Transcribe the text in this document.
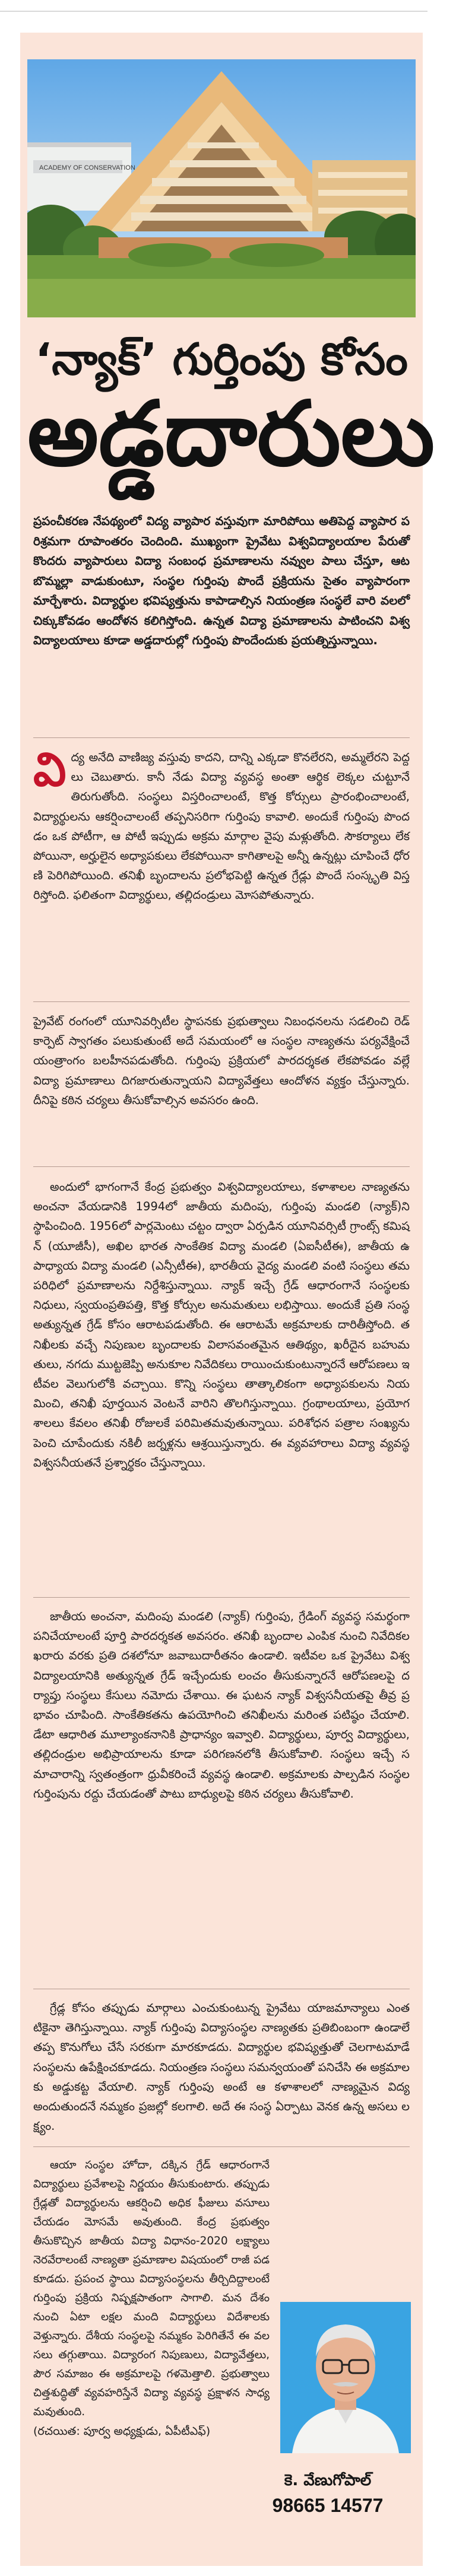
ACADEMY OF CONSERVATION
‘న్యాక్’ గుర్తింపు కోసం
అడ్డదారులు

ప్రపంచీకరణ నేపథ్యంలో విద్య వ్యాపార వస్తువుగా మారిపోయి అతిపెద్ద వ్యాపార పరిశ్రమగా రూపాంతరం చెందింది. ముఖ్యంగా ప్రైవేటు విశ్వవిద్యాలయాల పేరుతో కొందరు వ్యాపారులు విద్యా సంబంధ ప్రమాణాలను నవ్వుల పాలు చేస్తూ, ఆటబొమ్మల్లా వాడుకుంటూ, సంస్థల గుర్తింపు పొందే ప్రక్రియను సైతం వ్యాపారంగా మార్చేశారు. విద్యార్థుల భవిష్యత్తును కాపాడాల్సిన నియంత్రణ సంస్థలే వారి వలలో చిక్కుకోవడం ఆందోళన కలిగిస్తోంది. ఉన్నత విద్యా ప్రమాణాలను పాటించని విశ్వవిద్యాలయాలు కూడా అడ్డదారుల్లో గుర్తింపు పొందేందుకు ప్రయత్నిస్తున్నాయి.

వి ద్య అనేది వాణిజ్య వస్తువు కాదని, దాన్ని ఎక్కడా కొనలేరని, అమ్మలేరని పెద్దలు చెబుతారు. కానీ నేడు విద్యా వ్యవస్థ అంతా ఆర్థిక లెక్కల చుట్టూనే తిరుగుతోంది. సంస్థలు విస్తరించాలంటే, కొత్త కోర్సులు ప్రారంభించాలంటే, విద్యార్థులను ఆకర్షించాలంటే తప్పనిసరిగా గుర్తింపు కావాలి. అందుకే గుర్తింపు పొందడం ఒక పోటీగా, ఆ పోటీ ఇప్పుడు అక్రమ మార్గాల వైపు మళ్లుతోంది. సౌకర్యాలు లేకపోయినా, అర్హులైన అధ్యాపకులు లేకపోయినా కాగితాలపై అన్నీ ఉన్నట్లు చూపించే ధోరణి పెరిగిపోయింది. తనిఖీ బృందాలను ప్రలోభపెట్టి ఉన్నత గ్రేడ్లు పొందే సంస్కృతి విస్తరిస్తోంది. ఫలితంగా విద్యార్థులు, తల్లిదండ్రులు మోసపోతున్నారు.

ప్రైవేట్ రంగంలో యూనివర్సిటీల స్థాపనకు ప్రభుత్వాలు నిబంధనలను సడలించి రెడ్ కార్పెట్ స్వాగతం పలుకుతుంటే అదే సమయంలో ఆ సంస్థల నాణ్యతను పర్యవేక్షించే యంత్రాంగం బలహీనపడుతోంది. గుర్తింపు ప్రక్రియలో పారదర్శకత లేకపోవడం వల్లే విద్యా ప్రమాణాలు దిగజారుతున్నాయని విద్యావేత్తలు ఆందోళన వ్యక్తం చేస్తున్నారు. దీనిపై కఠిన చర్యలు తీసుకోవాల్సిన అవసరం ఉంది.

అందులో భాగంగానే కేంద్ర ప్రభుత్వం విశ్వవిద్యాలయాలు, కళాశాలల నాణ్యతను అంచనా వేయడానికి 1994లో జాతీయ మదింపు, గుర్తింపు మండలి (న్యాక్)ని స్థాపించింది. 1956లో పార్లమెంటు చట్టం ద్వారా ఏర్పడిన యూనివర్సిటీ గ్రాంట్స్ కమిషన్ (యూజీసీ), అఖిల భారత సాంకేతిక విద్యా మండలి (ఏఐసీటీఈ), జాతీయ ఉపాధ్యాయ విద్యా మండలి (ఎన్సీటీఈ), భారతీయ వైద్య మండలి వంటి సంస్థలు తమ పరిధిలో ప్రమాణాలను నిర్దేశిస్తున్నాయి. న్యాక్ ఇచ్చే గ్రేడ్ ఆధారంగానే సంస్థలకు నిధులు, స్వయంప్రతిపత్తి, కొత్త కోర్సుల అనుమతులు లభిస్తాయి. అందుకే ప్రతి సంస్థ అత్యున్నత గ్రేడ్ కోసం ఆరాటపడుతోంది. ఈ ఆరాటమే అక్రమాలకు దారితీస్తోంది. తనిఖీలకు వచ్చే నిపుణుల బృందాలకు విలాసవంతమైన ఆతిథ్యం, ఖరీదైన బహుమతులు, నగదు ముట్టజెప్పి అనుకూల నివేదికలు రాయించుకుంటున్నారనే ఆరోపణలు ఇటీవల వెలుగులోకి వచ్చాయి. కొన్ని సంస్థలు తాత్కాలికంగా అధ్యాపకులను నియమించి, తనిఖీ పూర్తయిన వెంటనే వారిని తొలగిస్తున్నాయి. గ్రంథాలయాలు, ప్రయోగశాలలు కేవలం తనిఖీ రోజులకే పరిమితమవుతున్నాయి. పరిశోధన పత్రాల సంఖ్యను పెంచి చూపేందుకు నకిలీ జర్నళ్లను ఆశ్రయిస్తున్నారు. ఈ వ్యవహారాలు విద్యా వ్యవస్థ విశ్వసనీయతనే ప్రశ్నార్థకం చేస్తున్నాయి.

జాతీయ అంచనా, మదింపు మండలి (న్యాక్) గుర్తింపు, గ్రేడింగ్ వ్యవస్థ సమర్థంగా పనిచేయాలంటే పూర్తి పారదర్శకత అవసరం. తనిఖీ బృందాల ఎంపిక నుంచి నివేదికల ఖరారు వరకు ప్రతి దశలోనూ జవాబుదారీతనం ఉండాలి. ఇటీవల ఒక ప్రైవేటు విశ్వవిద్యాలయానికి అత్యున్నత గ్రేడ్ ఇచ్చేందుకు లంచం తీసుకున్నారనే ఆరోపణలపై దర్యాప్తు సంస్థలు కేసులు నమోదు చేశాయి. ఈ ఘటన న్యాక్ విశ్వసనీయతపై తీవ్ర ప్రభావం చూపింది. సాంకేతికతను ఉపయోగించి తనిఖీలను మరింత పటిష్ఠం చేయాలి. డేటా ఆధారిత మూల్యాంకనానికి ప్రాధాన్యం ఇవ్వాలి. విద్యార్థులు, పూర్వ విద్యార్థులు, తల్లిదండ్రుల అభిప్రాయాలను కూడా పరిగణనలోకి తీసుకోవాలి. సంస్థలు ఇచ్చే సమాచారాన్ని స్వతంత్రంగా ధ్రువీకరించే వ్యవస్థ ఉండాలి. అక్రమాలకు పాల్పడిన సంస్థల గుర్తింపును రద్దు చేయడంతో పాటు బాధ్యులపై కఠిన చర్యలు తీసుకోవాలి.

గ్రేడ్ల కోసం తప్పుడు మార్గాలు ఎంచుకుంటున్న ప్రైవేటు యాజమాన్యాలు ఎంతటికైనా తెగిస్తున్నాయి. న్యాక్ గుర్తింపు విద్యాసంస్థల నాణ్యతకు ప్రతిబింబంగా ఉండాలే తప్ప కొనుగోలు చేసే సరకుగా మారకూడదు. విద్యార్థుల భవిష్యత్తుతో చెలగాటమాడే సంస్థలను ఉపేక్షించకూడదు. నియంత్రణ సంస్థలు సమన్వయంతో పనిచేసి ఈ అక్రమాలకు అడ్డుకట్ట వేయాలి. న్యాక్ గుర్తింపు అంటే ఆ కళాశాలలో నాణ్యమైన విద్య అందుతుందనే నమ్మకం ప్రజల్లో కలగాలి. అదే ఈ సంస్థ ఏర్పాటు వెనక ఉన్న అసలు లక్ష్యం.

ఆయా సంస్థల హోదా, దక్కిన గ్రేడ్ ఆధారంగానే విద్యార్థులు ప్రవేశాలపై నిర్ణయం తీసుకుంటారు. తప్పుడు గ్రేడ్లతో విద్యార్థులను ఆకర్షించి అధిక ఫీజులు వసూలు చేయడం మోసమే అవుతుంది. కేంద్ర ప్రభుత్వం తీసుకొచ్చిన జాతీయ విద్యా విధానం-2020 లక్ష్యాలు నెరవేరాలంటే నాణ్యతా ప్రమాణాల విషయంలో రాజీ పడకూడదు. ప్రపంచ స్థాయి విద్యాసంస్థలను తీర్చిదిద్దాలంటే గుర్తింపు ప్రక్రియ నిష్పక్షపాతంగా సాగాలి. మన దేశం నుంచి ఏటా లక్షల మంది విద్యార్థులు విదేశాలకు వెళ్తున్నారు. దేశీయ సంస్థలపై నమ్మకం పెరిగితేనే ఈ వలసలు తగ్గుతాయి. విద్యారంగ నిపుణులు, విద్యావేత్తలు, పౌర సమాజం ఈ అక్రమాలపై గళమెత్తాలి. ప్రభుత్వాలు చిత్తశుద్ధితో వ్యవహరిస్తేనే విద్యా వ్యవస్థ ప్రక్షాళన సాధ్యమవుతుంది.

(రచయిత: పూర్వ అధ్యక్షుడు, ఏపీటీఎఫ్)
కె. వేణుగోపాల్
98665 14577
